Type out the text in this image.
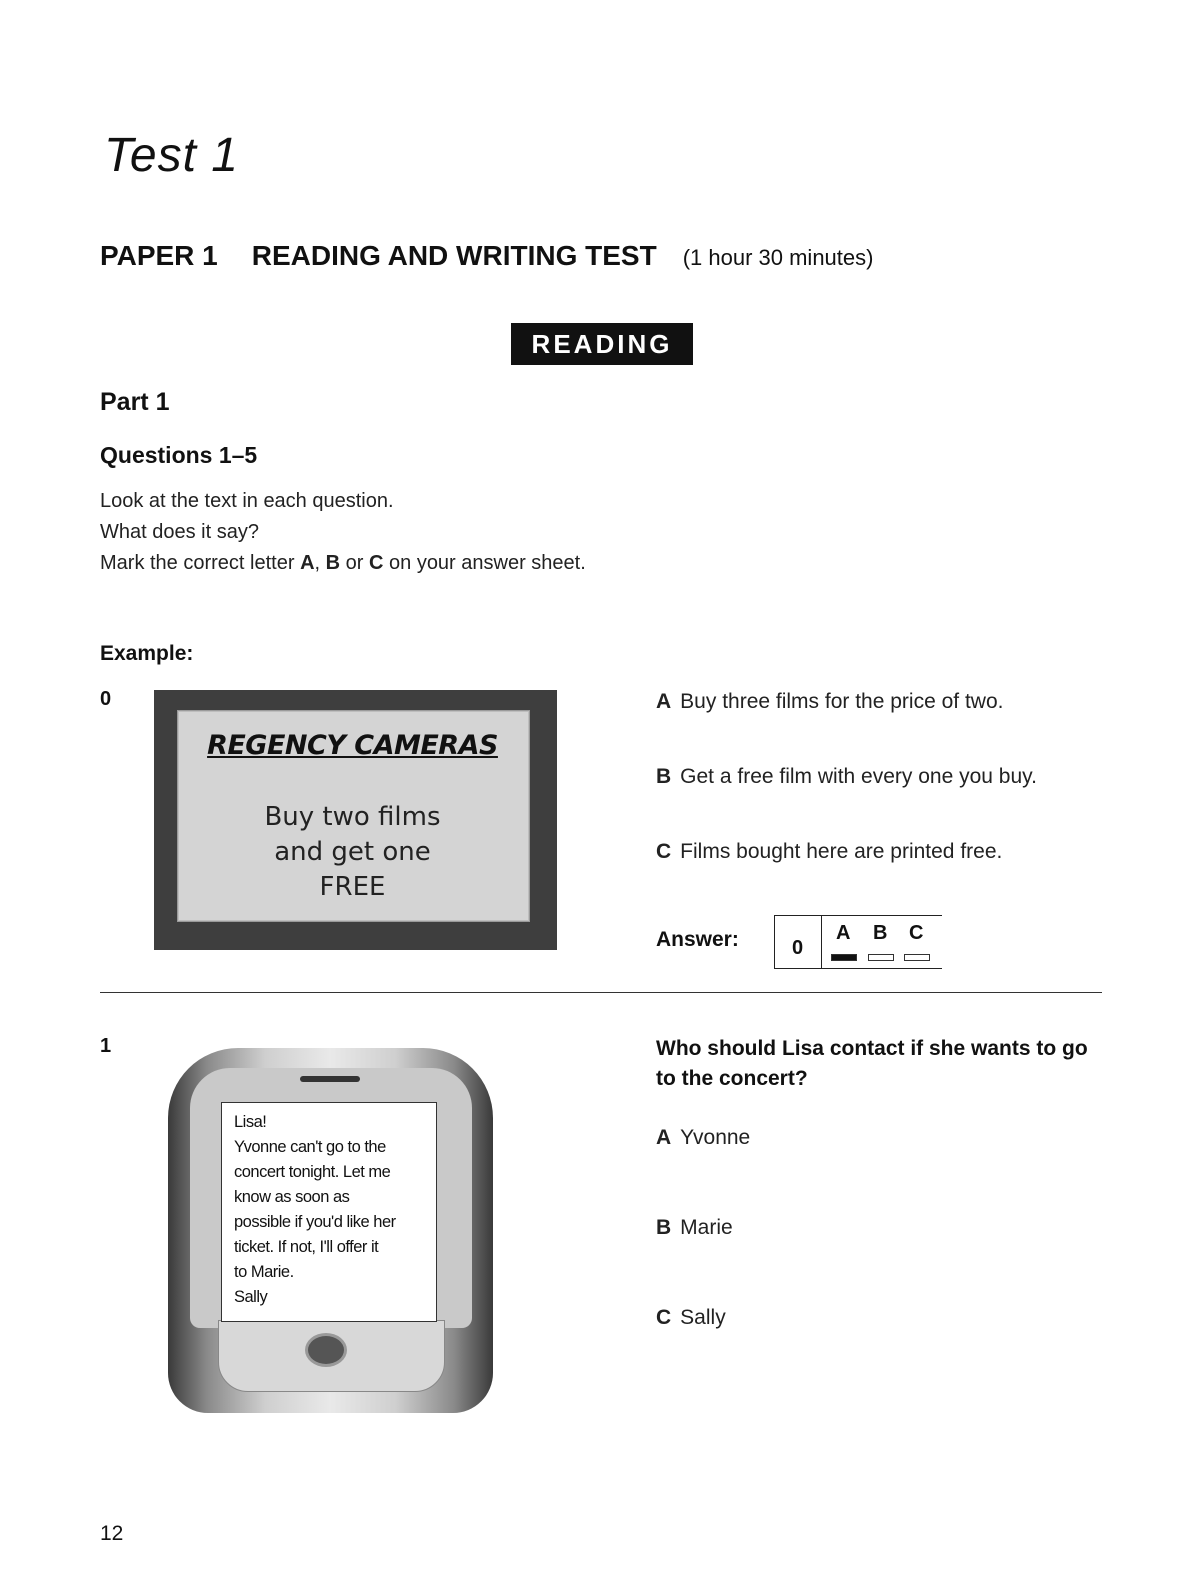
Test 1
PAPER 1 READING AND WRITING TEST (1 hour 30 minutes)
READING
Part 1
Questions 1–5
Look at the text in each question.
What does it say?
Mark the correct letter A, B or C on your answer sheet.
Example:
0
REGENCY CAMERAS
Buy two films
and get one
FREE
A Buy three films for the price of two.
B Get a free film with every one you buy.
C Films bought here are printed free.
Answer:	0
A B C
1
Lisa!
Yvonne can't go to the
concert tonight. Let me
know as soon as
possible if you'd like her
ticket. If not, I'll offer it
to Marie.
Sally
Who should Lisa contact if she wants to go to the concert?
A Yvonne
B Marie
C Sally
12
